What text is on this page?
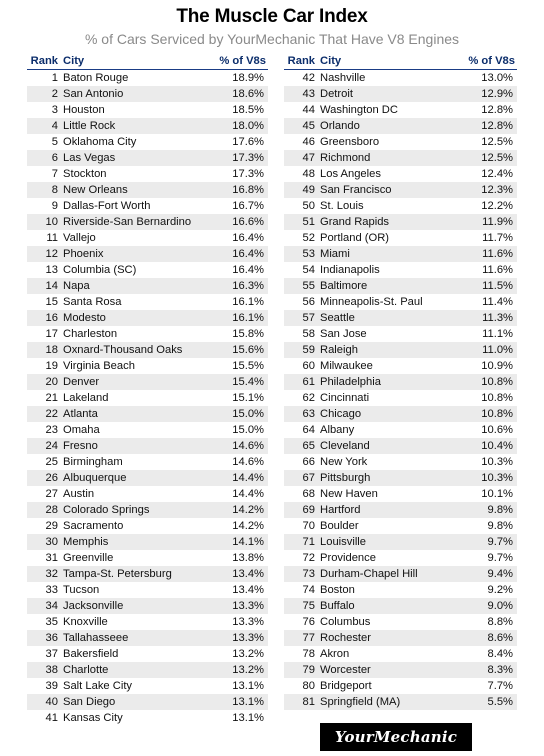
The Muscle Car Index
% of Cars Serviced by YourMechanic That Have V8 Engines
Rank	City	% of V8s
1	Baton Rouge	18.9%
2	San Antonio	18.6%
3	Houston	18.5%
4	Little Rock	18.0%
5	Oklahoma City	17.6%
6	Las Vegas	17.3%
7	Stockton	17.3%
8	New Orleans	16.8%
9	Dallas-Fort Worth	16.7%
10	Riverside-San Bernardino	16.6%
11	Vallejo	16.4%
12	Phoenix	16.4%
13	Columbia (SC)	16.4%
14	Napa	16.3%
15	Santa Rosa	16.1%
16	Modesto	16.1%
17	Charleston	15.8%
18	Oxnard-Thousand Oaks	15.6%
19	Virginia Beach	15.5%
20	Denver	15.4%
21	Lakeland	15.1%
22	Atlanta	15.0%
23	Omaha	15.0%
24	Fresno	14.6%
25	Birmingham	14.6%
26	Albuquerque	14.4%
27	Austin	14.4%
28	Colorado Springs	14.2%
29	Sacramento	14.2%
30	Memphis	14.1%
31	Greenville	13.8%
32	Tampa-St. Petersburg	13.4%
33	Tucson	13.4%
34	Jacksonville	13.3%
35	Knoxville	13.3%
36	Tallahasseee	13.3%
37	Bakersfield	13.2%
38	Charlotte	13.2%
39	Salt Lake City	13.1%
40	San Diego	13.1%
41	Kansas City	13.1%
Rank	City	% of V8s
42	Nashville	13.0%
43	Detroit	12.9%
44	Washington DC	12.8%
45	Orlando	12.8%
46	Greensboro	12.5%
47	Richmond	12.5%
48	Los Angeles	12.4%
49	San Francisco	12.3%
50	St. Louis	12.2%
51	Grand Rapids	11.9%
52	Portland (OR)	11.7%
53	Miami	11.6%
54	Indianapolis	11.6%
55	Baltimore	11.5%
56	Minneapolis-St. Paul	11.4%
57	Seattle	11.3%
58	San Jose	11.1%
59	Raleigh	11.0%
60	Milwaukee	10.9%
61	Philadelphia	10.8%
62	Cincinnati	10.8%
63	Chicago	10.8%
64	Albany	10.6%
65	Cleveland	10.4%
66	New York	10.3%
67	Pittsburgh	10.3%
68	New Haven	10.1%
69	Hartford	9.8%
70	Boulder	9.8%
71	Louisville	9.7%
72	Providence	9.7%
73	Durham-Chapel Hill	9.4%
74	Boston	9.2%
75	Buffalo	9.0%
76	Columbus	8.8%
77	Rochester	8.6%
78	Akron	8.4%
79	Worcester	8.3%
80	Bridgeport	7.7%
81	Springfield (MA)	5.5%
YourMechanic
